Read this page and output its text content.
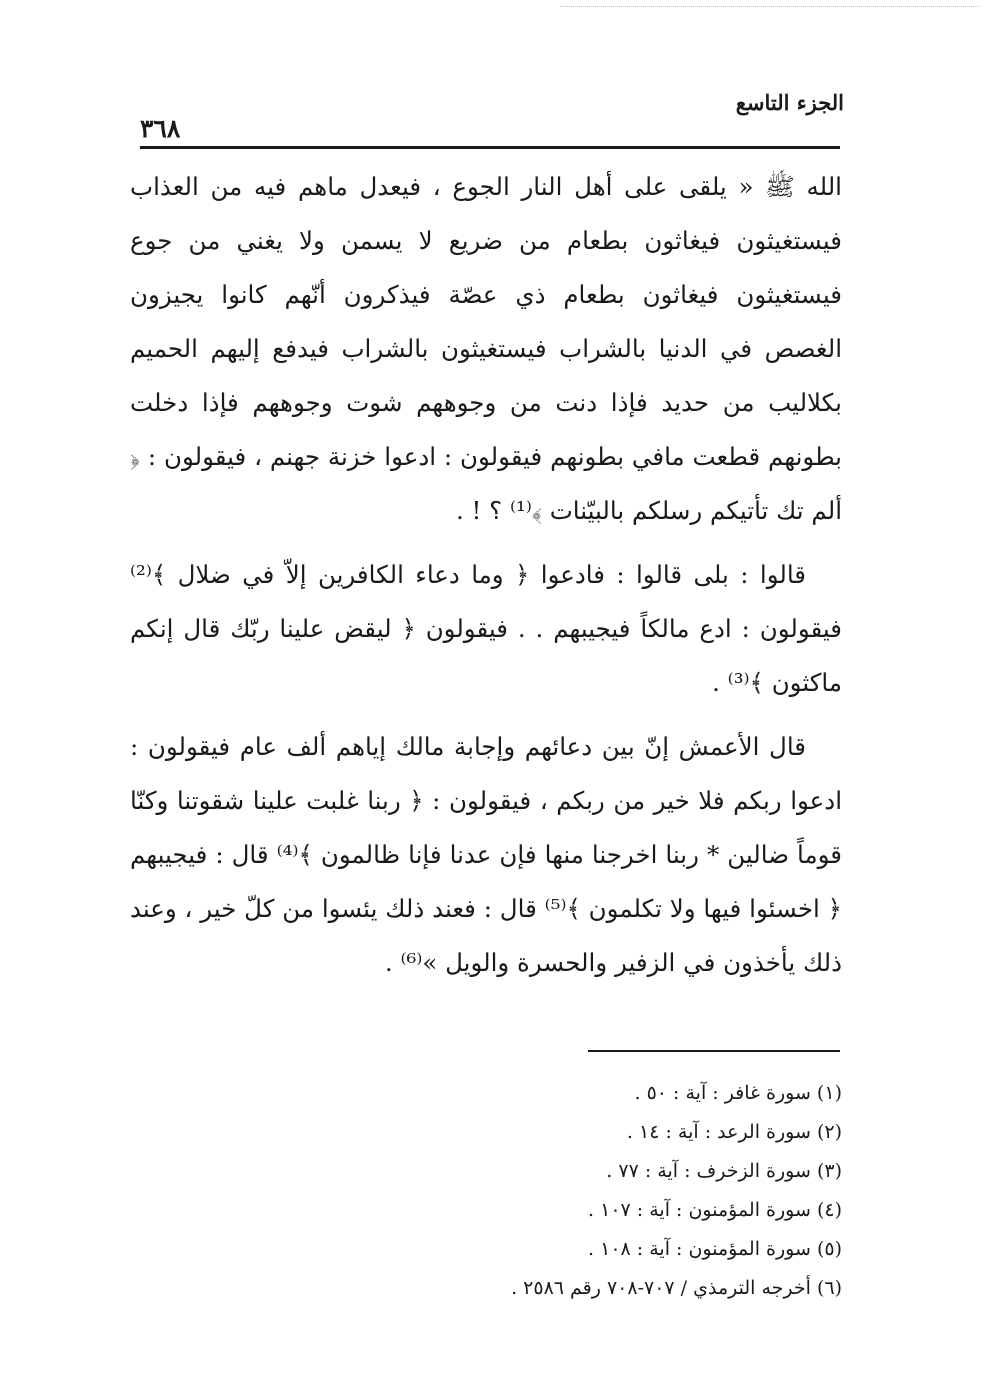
الجزء التاسع
٣٦٨

الله ﷺ « يلقى على أهل النار الجوع ، فيعدل ماهم فيه من العذاب فيستغيثون فيغاثون بطعام من ضريع لا يسمن ولا يغني من جوع فيستغيثون فيغاثون بطعام ذي عصّة فيذكرون أنّهم كانوا يجيزون الغصص في الدنيا بالشراب فيستغيثون بالشراب فيدفع إليهم الحميم بكلاليب من حديد فإذا دنت من وجوههم شوت وجوههم فإذا دخلت بطونهم قطعت مافي بطونهم فيقولون : ادعوا خزنة جهنم ، فيقولون : ﴿ ألم تك تأتيكم رسلكم بالبيّنات ﴾⁽¹⁾ ؟ ! .

قالوا : بلى قالوا : فادعوا ﴿ وما دعاء الكافرين إلاّ في ضلال ﴾⁽²⁾ فيقولون : ادع مالكاً فيجيبهم . . فيقولون ﴿ ليقض علينا ربّك قال إنكم ماكثون ﴾⁽³⁾ .

قال الأعمش إنّ بين دعائهم وإجابة مالك إياهم ألف عام فيقولون : ادعوا ربكم فلا خير من ربكم ، فيقولون : ﴿ ربنا غلبت علينا شقوتنا وكنّا قوماً ضالين * ربنا اخرجنا منها فإن عدنا فإنا ظالمون ﴾⁽⁴⁾ قال : فيجيبهم ﴿ اخسئوا فيها ولا تكلمون ﴾⁽⁵⁾ قال : فعند ذلك يئسوا من كلّ خير ، وعند ذلك يأخذون في الزفير والحسرة والويل »⁽⁶⁾ .

(١) سورة غافر : آية : ٥٠ .
(٢) سورة الرعد : آية : ١٤ .
(٣) سورة الزخرف : آية : ٧٧ .
(٤) سورة المؤمنون : آية : ١٠٧ .
(٥) سورة المؤمنون : آية : ١٠٨ .
(٦) أخرجه الترمذي / ٧٠٧-٧٠٨ رقم ٢٥٨٦ .
